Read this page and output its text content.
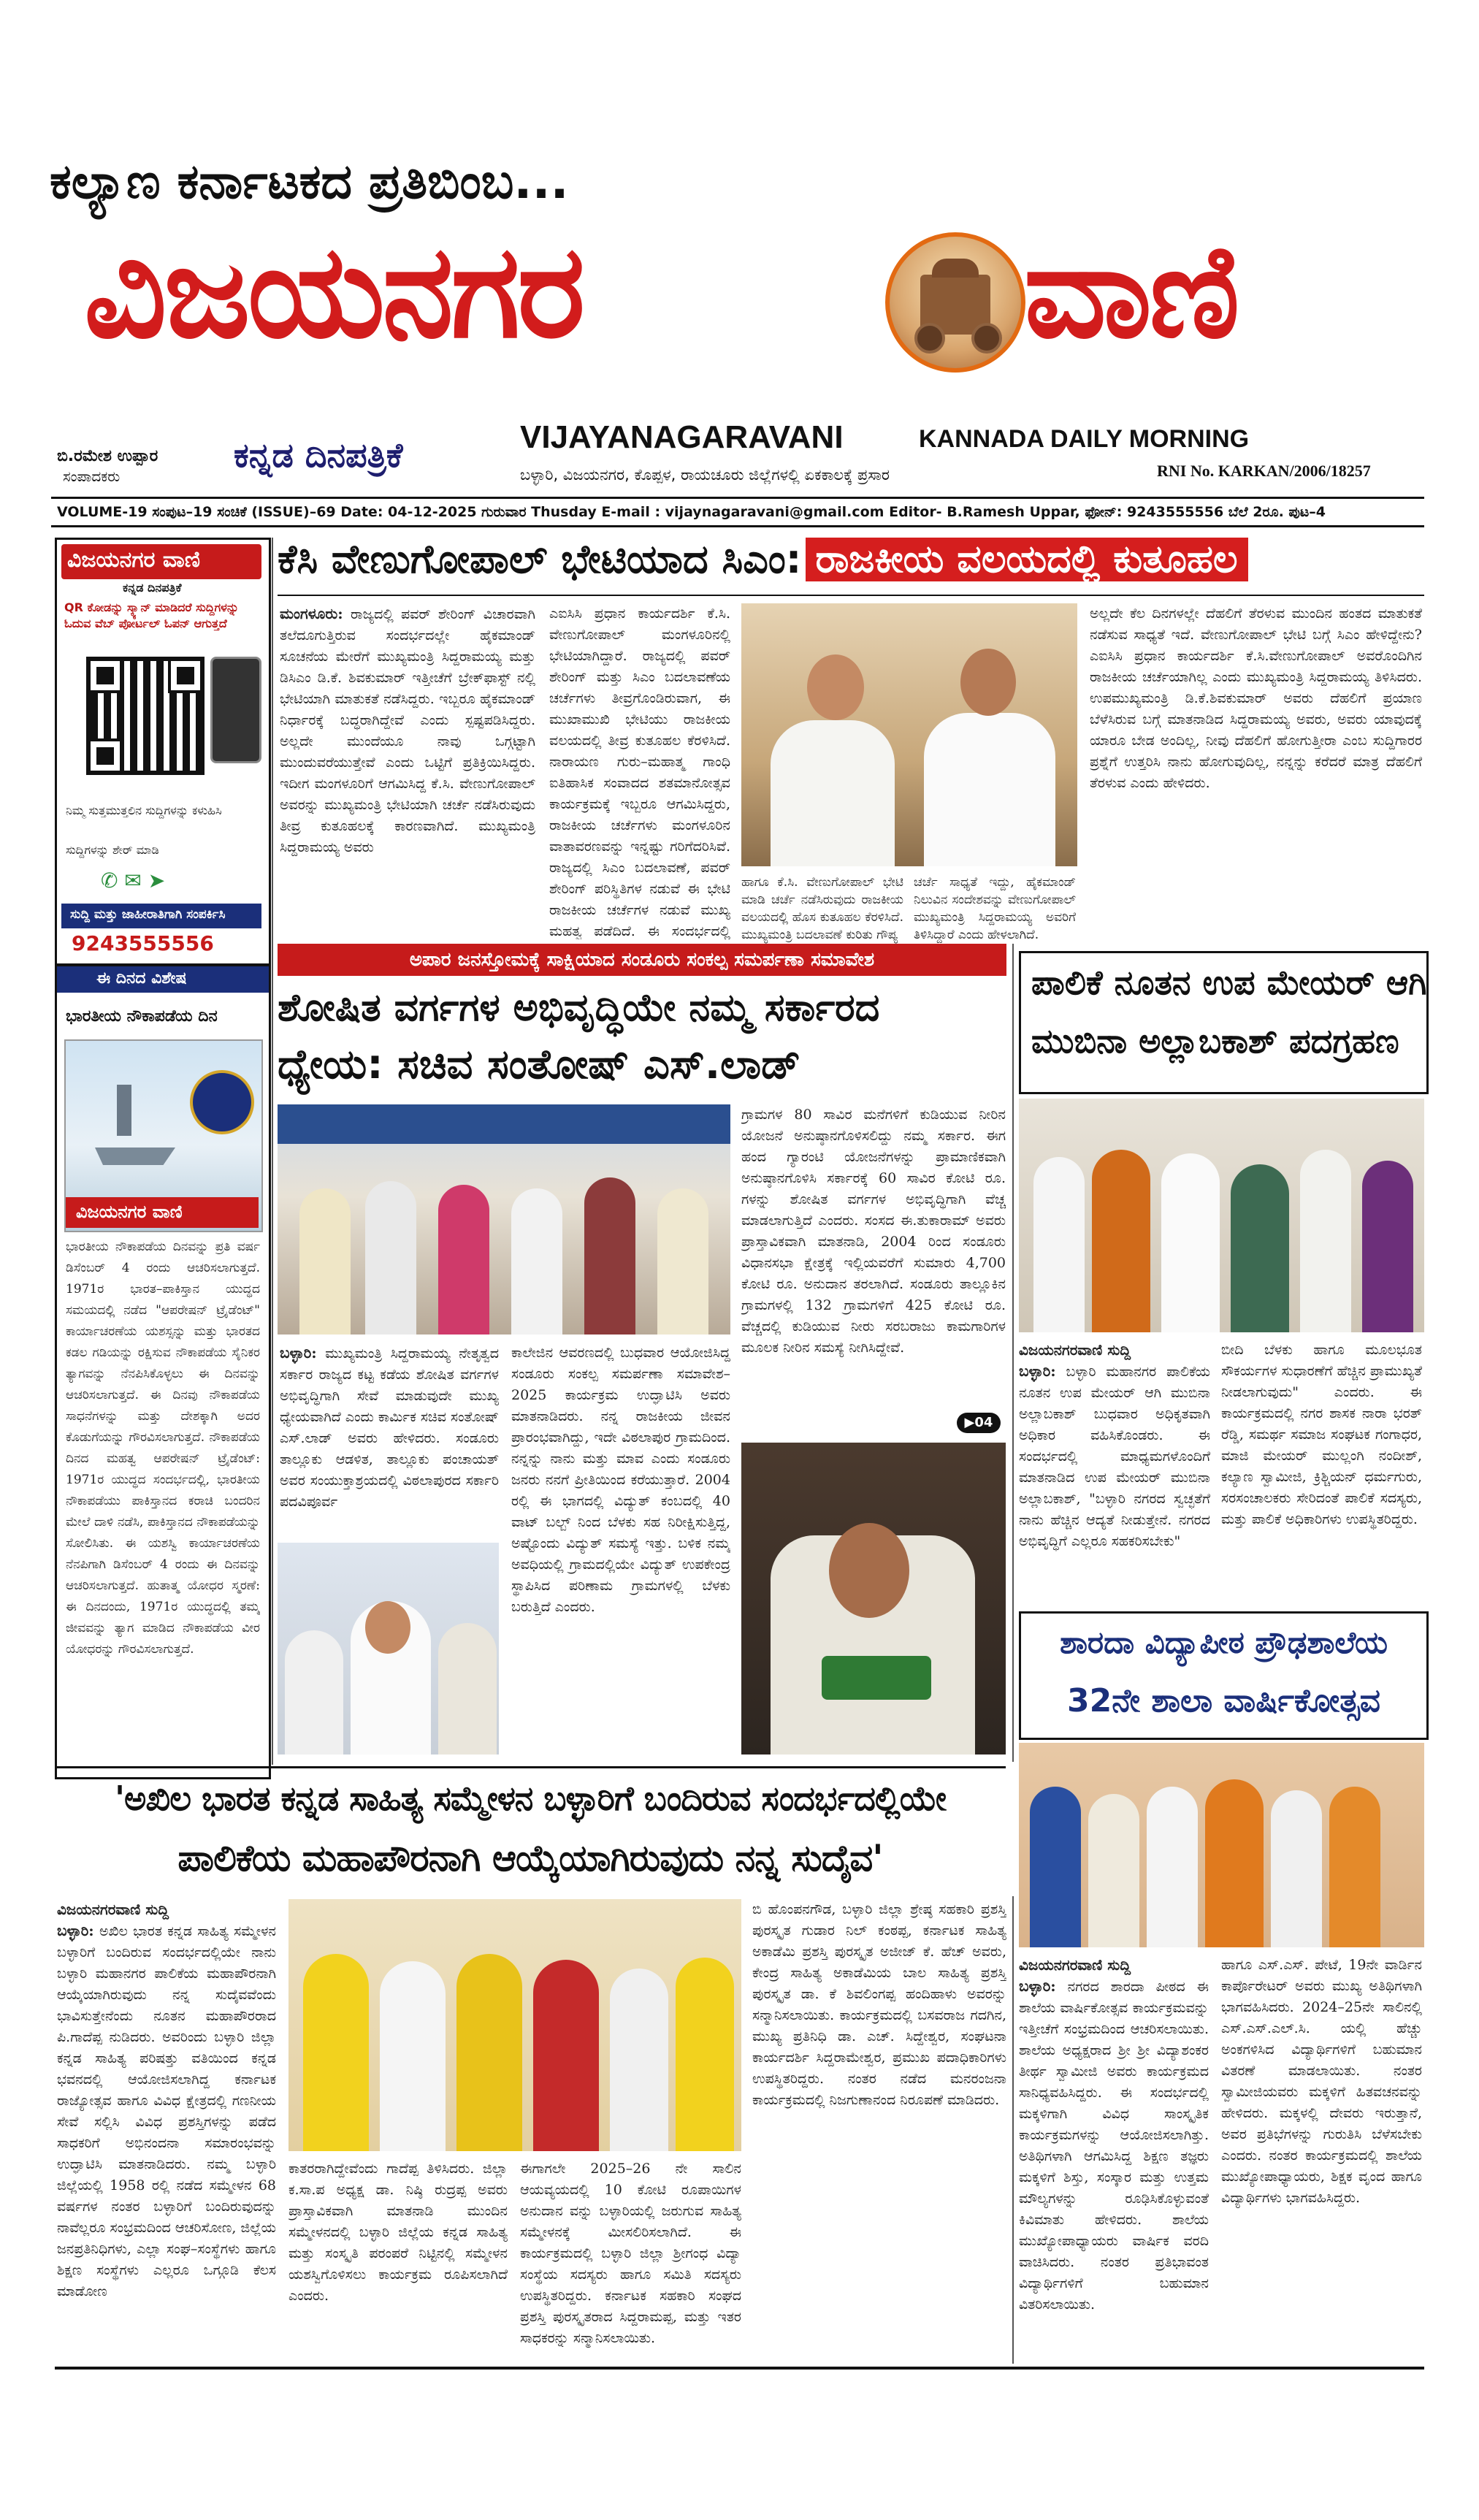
ಕಲ್ಯಾಣ ಕರ್ನಾಟಕದ ಪ್ರತಿಬಿಂಬ...
ವಿಜಯನಗರ	ವಾಣಿ
ಬಿ.ರಮೇಶ ಉಪ್ಪಾರ
ಸಂಪಾದಕರು
ಕನ್ನಡ ದಿನಪತ್ರಿಕೆ	VIJAYANAGARAVANI	KANNADA DAILY MORNING
ಬಳ್ಳಾರಿ, ವಿಜಯನಗರ, ಕೊಪ್ಪಳ, ರಾಯಚೂರು ಜಿಲ್ಲೆಗಳಲ್ಲಿ ಏಕಕಾಲಕ್ಕೆ ಪ್ರಸಾರ	RNI No. KARKAN/2006/18257
VOLUME-19 ಸಂಪುಟ–19 ಸಂಚಿಕೆ (ISSUE)–69 Date: 04-12-2025 ಗುರುವಾರ Thusday E-mail : vijaynagaravani@gmail.com Editor- B.Ramesh Uppar, ಫೋನ್: 9243555556 ಬೆಲೆ 2ರೂ. ಪುಟ–4
ವಿಜಯನಗರ ವಾಣಿ
ಕನ್ನಡ ದಿನಪತ್ರಿಕೆ
QR ಕೋಡನ್ನು ಸ್ಕ್ಯಾನ್ ಮಾಡಿದರೆ ಸುದ್ದಿಗಳನ್ನು ಓದುವ ವೆಬ್ ಪೋರ್ಟಲ್ ಓಪನ್ ಆಗುತ್ತದೆ
ನಿಮ್ಮ ಸುತ್ತಮುತ್ತಲಿನ ಸುದ್ದಿಗಳನ್ನು ಕಳುಹಿಸಿ
ಸುದ್ದಿಗಳನ್ನು ಶೇರ್ ಮಾಡಿ
✆ ✉ ➤
ಸುದ್ದಿ ಮತ್ತು ಜಾಹೀರಾತಿಗಾಗಿ ಸಂಪರ್ಕಿಸಿ
9243555556
ಈ ದಿನದ ವಿಶೇಷ
ಭಾರತೀಯ ನೌಕಾಪಡೆಯ ದಿನ
ವಿಜಯನಗರ ವಾಣಿ
ಭಾರತೀಯ ನೌಕಾಪಡೆಯ ದಿನವನ್ನು ಪ್ರತಿ ವರ್ಷ ಡಿಸೆಂಬರ್ 4 ರಂದು ಆಚರಿಸಲಾಗುತ್ತದೆ. 1971ರ ಭಾರತ–ಪಾಕಿಸ್ತಾನ ಯುದ್ಧದ ಸಮಯದಲ್ಲಿ ನಡೆದ "ಆಪರೇಷನ್ ಟ್ರೈಡೆಂಟ್" ಕಾರ್ಯಾಚರಣೆಯ ಯಶಸ್ಸನ್ನು ಮತ್ತು ಭಾರತದ ಕಡಲ ಗಡಿಯನ್ನು ರಕ್ಷಿಸುವ ನೌಕಾಪಡೆಯ ಸೈನಿಕರ ತ್ಯಾಗವನ್ನು ನೆನಪಿಸಿಕೊಳ್ಳಲು ಈ ದಿನವನ್ನು ಆಚರಿಸಲಾಗುತ್ತದೆ. ಈ ದಿನವು ನೌಕಾಪಡೆಯ ಸಾಧನೆಗಳನ್ನು ಮತ್ತು ದೇಶಕ್ಕಾಗಿ ಅದರ ಕೊಡುಗೆಯನ್ನು ಗೌರವಿಸಲಾಗುತ್ತದೆ. ನೌಕಾಪಡೆಯ ದಿನದ ಮಹತ್ವ ಆಪರೇಷನ್ ಟ್ರೈಡೆಂಟ್: 1971ರ ಯುದ್ಧದ ಸಂದರ್ಭದಲ್ಲಿ, ಭಾರತೀಯ ನೌಕಾಪಡೆಯು ಪಾಕಿಸ್ತಾನದ ಕರಾಚಿ ಬಂದರಿನ ಮೇಲೆ ದಾಳಿ ನಡೆಸಿ, ಪಾಕಿಸ್ತಾನದ ನೌಕಾಪಡೆಯನ್ನು ಸೋಲಿಸಿತು. ಈ ಯಶಸ್ವಿ ಕಾರ್ಯಾಚರಣೆಯ ನೆನಪಿಗಾಗಿ ಡಿಸೆಂಬರ್ 4 ರಂದು ಈ ದಿನವನ್ನು ಆಚರಿಸಲಾಗುತ್ತದೆ. ಹುತಾತ್ಮ ಯೋಧರ ಸ್ಮರಣೆ: ಈ ದಿನದಂದು, 1971ರ ಯುದ್ಧದಲ್ಲಿ ತಮ್ಮ ಜೀವವನ್ನು ತ್ಯಾಗ ಮಾಡಿದ ನೌಕಾಪಡೆಯ ವೀರ ಯೋಧರನ್ನು ಗೌರವಿಸಲಾಗುತ್ತದೆ.
ಕೆಸಿ ವೇಣುಗೋಪಾಲ್ ಭೇಟಿಯಾದ ಸಿಎಂ: ರಾಜಕೀಯ ವಲಯದಲ್ಲಿ ಕುತೂಹಲ
ಮಂಗಳೂರು: ರಾಜ್ಯದಲ್ಲಿ ಪವರ್ ಶೇರಿಂಗ್ ವಿಚಾರವಾಗಿ ತಲೆದೂಗುತ್ತಿರುವ ಸಂದರ್ಭದಲ್ಲೇ ಹೈಕಮಾಂಡ್ ಸೂಚನೆಯ ಮೇರೆಗೆ ಮುಖ್ಯಮಂತ್ರಿ ಸಿದ್ದರಾಮಯ್ಯ ಮತ್ತು ಡಿಸಿಎಂ ಡಿ.ಕೆ. ಶಿವಕುಮಾರ್ ಇತ್ತೀಚೆಗೆ ಬ್ರೇಕ್‌ಫಾಸ್ಟ್ ನಲ್ಲಿ ಭೇಟಿಯಾಗಿ ಮಾತುಕತೆ ನಡೆಸಿದ್ದರು. ಇಬ್ಬರೂ ಹೈಕಮಾಂಡ್ ನಿರ್ಧಾರಕ್ಕೆ ಬದ್ಧರಾಗಿದ್ದೇವೆ ಎಂದು ಸ್ಪಷ್ಟಪಡಿಸಿದ್ದರು. ಅಲ್ಲದೇ ಮುಂದೆಯೂ ನಾವು ಒಗ್ಗಟ್ಟಾಗಿ ಮುಂದುವರೆಯುತ್ತೇವೆ ಎಂದು ಒಟ್ಟಿಗೆ ಪ್ರತಿಕ್ರಿಯಿಸಿದ್ದರು. ಇದೀಗ ಮಂಗಳೂರಿಗೆ ಆಗಮಿಸಿದ್ದ ಕೆ.ಸಿ. ವೇಣುಗೋಪಾಲ್ ಅವರನ್ನು ಮುಖ್ಯಮಂತ್ರಿ ಭೇಟಿಯಾಗಿ ಚರ್ಚೆ ನಡೆಸಿರುವುದು ತೀವ್ರ ಕುತೂಹಲಕ್ಕೆ ಕಾರಣವಾಗಿದೆ. ಮುಖ್ಯಮಂತ್ರಿ ಸಿದ್ದರಾಮಯ್ಯ ಅವರು
ಎಐಸಿಸಿ ಪ್ರಧಾನ ಕಾರ್ಯದರ್ಶಿ ಕೆ.ಸಿ. ವೇಣುಗೋಪಾಲ್ ಮಂಗಳೂರಿನಲ್ಲಿ ಭೇಟಿಯಾಗಿದ್ದಾರೆ. ರಾಜ್ಯದಲ್ಲಿ ಪವರ್ ಶೇರಿಂಗ್ ಮತ್ತು ಸಿಎಂ ಬದಲಾವಣೆಯ ಚರ್ಚೆಗಳು ತೀವ್ರಗೊಂಡಿರುವಾಗ, ಈ ಮುಖಾಮುಖಿ ಭೇಟಿಯು ರಾಜಕೀಯ ವಲಯದಲ್ಲಿ ತೀವ್ರ ಕುತೂಹಲ ಕೆರಳಿಸಿದೆ. ನಾರಾಯಣ ಗುರು–ಮಹಾತ್ಮ ಗಾಂಧಿ ಐತಿಹಾಸಿಕ ಸಂವಾದದ ಶತಮಾನೋತ್ಸವ ಕಾರ್ಯಕ್ರಮಕ್ಕೆ ಇಬ್ಬರೂ ಆಗಮಿಸಿದ್ದರು, ರಾಜಕೀಯ ಚರ್ಚೆಗಳು ಮಂಗಳೂರಿನ ವಾತಾವರಣವನ್ನು ಇನ್ನಷ್ಟು ಗರಿಗೆದರಿಸಿವೆ. ರಾಜ್ಯದಲ್ಲಿ ಸಿಎಂ ಬದಲಾವಣೆ, ಪವರ್ ಶೇರಿಂಗ್ ಪರಿಸ್ಥಿತಿಗಳ ನಡುವೆ ಈ ಭೇಟಿ ರಾಜಕೀಯ ಚರ್ಚೆಗಳ ನಡುವೆ ಮುಖ್ಯ ಮಹತ್ವ ಪಡೆದಿದೆ. ಈ ಸಂದರ್ಭದಲ್ಲಿ
ಹಾಗೂ ಕೆ.ಸಿ. ವೇಣುಗೋಪಾಲ್ ಭೇಟಿ ಮಾಡಿ ಚರ್ಚೆ ನಡೆಸಿರುವುದು ರಾಜಕೀಯ ವಲಯದಲ್ಲಿ ಹೊಸ ಕುತೂಹಲ ಕೆರಳಿಸಿದೆ. ಮುಖ್ಯಮಂತ್ರಿ ಬದಲಾವಣೆ ಕುರಿತು ಗೌಪ್ಯ
ಚರ್ಚೆ ಸಾಧ್ಯತೆ ಇದ್ದು, ಹೈಕಮಾಂಡ್ ನಿಲುವಿನ ಸಂದೇಶವನ್ನು ವೇಣುಗೋಪಾಲ್ ಮುಖ್ಯಮಂತ್ರಿ ಸಿದ್ದರಾಮಯ್ಯ ಅವರಿಗೆ ತಿಳಿಸಿದ್ದಾರೆ ಎಂದು ಹೇಳಲಾಗಿದೆ.
ಅಲ್ಲದೇ ಕೆಲ ದಿನಗಳಲ್ಲೇ ದೆಹಲಿಗೆ ತೆರಳುವ ಮುಂದಿನ ಹಂತದ ಮಾತುಕತೆ ನಡೆಸುವ ಸಾಧ್ಯತೆ ಇದೆ. ವೇಣುಗೋಪಾಲ್ ಭೇಟಿ ಬಗ್ಗೆ ಸಿಎಂ ಹೇಳಿದ್ದೇನು? ಎಐಸಿಸಿ ಪ್ರಧಾನ ಕಾರ್ಯದರ್ಶಿ ಕೆ.ಸಿ.ವೇಣುಗೋಪಾಲ್ ಅವರೊಂದಿಗಿನ ರಾಜಕೀಯ ಚರ್ಚೆಯಾಗಿಲ್ಲ ಎಂದು ಮುಖ್ಯಮಂತ್ರಿ ಸಿದ್ದರಾಮಯ್ಯ ತಿಳಿಸಿದರು. ಉಪಮುಖ್ಯಮಂತ್ರಿ ಡಿ.ಕೆ.ಶಿವಕುಮಾರ್ ಅವರು ದೆಹಲಿಗೆ ಪ್ರಯಾಣ ಬೆಳೆಸಿರುವ ಬಗ್ಗೆ ಮಾತನಾಡಿದ ಸಿದ್ದರಾಮಯ್ಯ ಅವರು, ಅವರು ಯಾವುದಕ್ಕೆ ಯಾರೂ ಬೇಡ ಅಂದಿಲ್ಲ, ನೀವು ದೆಹಲಿಗೆ ಹೋಗುತ್ತೀರಾ ಎಂಬ ಸುದ್ದಿಗಾರರ ಪ್ರಶ್ನೆಗೆ ಉತ್ತರಿಸಿ ನಾನು ಹೋಗುವುದಿಲ್ಲ, ನನ್ನನ್ನು ಕರೆದರೆ ಮಾತ್ರ ದೆಹಲಿಗೆ ತೆರಳುವ ಎಂದು ಹೇಳಿದರು.
ಅಪಾರ ಜನಸ್ತೋಮಕ್ಕೆ ಸಾಕ್ಷಿಯಾದ ಸಂಡೂರು ಸಂಕಲ್ಪ ಸಮರ್ಪಣಾ ಸಮಾವೇಶ
ಶೋಷಿತ ವರ್ಗಗಳ ಅಭಿವೃದ್ಧಿಯೇ ನಮ್ಮ ಸರ್ಕಾರದ
ಧ್ಯೇಯ: ಸಚಿವ ಸಂತೋಷ್ ಎಸ್.ಲಾಡ್
ಬಳ್ಳಾರಿ: ಮುಖ್ಯಮಂತ್ರಿ ಸಿದ್ದರಾಮಯ್ಯ ನೇತೃತ್ವದ ಸರ್ಕಾರ ರಾಜ್ಯದ ಕಟ್ಟ ಕಡೆಯ ಶೋಷಿತ ವರ್ಗಗಳ ಅಭಿವೃದ್ಧಿಗಾಗಿ ಸೇವೆ ಮಾಡುವುದೇ ಮುಖ್ಯ ಧ್ಯೇಯವಾಗಿದೆ ಎಂದು ಕಾರ್ಮಿಕ ಸಚಿವ ಸಂತೋಷ್ ಎಸ್.ಲಾಡ್ ಅವರು ಹೇಳಿದರು. ಸಂಡೂರು ತಾಲ್ಲೂಕು ಆಡಳಿತ, ತಾಲ್ಲೂಕು ಪಂಚಾಯತ್ ಅವರ ಸಂಯುಕ್ತಾಶ್ರಯದಲ್ಲಿ ವಿಠಲಾಪುರದ ಸರ್ಕಾರಿ ಪದವಿಪೂರ್ವ
ಕಾಲೇಜಿನ ಆವರಣದಲ್ಲಿ ಬುಧವಾರ ಆಯೋಜಿಸಿದ್ದ ಸಂಡೂರು ಸಂಕಲ್ಪ ಸಮರ್ಪಣಾ ಸಮಾವೇಶ–2025 ಕಾರ್ಯಕ್ರಮ ಉದ್ಘಾಟಿಸಿ ಅವರು ಮಾತನಾಡಿದರು. ನನ್ನ ರಾಜಕೀಯ ಜೀವನ ಪ್ರಾರಂಭವಾಗಿದ್ದು, ಇದೇ ವಿಠಲಾಪುರ ಗ್ರಾಮದಿಂದ. ನನ್ನನ್ನು ನಾನು ಮತ್ತು ಮಾವ ಎಂದು ಸಂಡೂರು ಜನರು ನನಗೆ ಪ್ರೀತಿಯಿಂದ ಕರೆಯುತ್ತಾರೆ. 2004 ರಲ್ಲಿ ಈ ಭಾಗದಲ್ಲಿ ವಿದ್ಯುತ್ ಕಂಬದಲ್ಲಿ 40 ವಾಟ್ ಬಲ್ಬ್ ನಿಂದ ಬೆಳಕು ಸಹ ನಿರೀಕ್ಷಿಸುತ್ತಿದ್ದ, ಅಷ್ಟೊಂದು ವಿದ್ಯುತ್ ಸಮಸ್ಯೆ ಇತ್ತು. ಬಳಿಕ ನಮ್ಮ ಅವಧಿಯಲ್ಲಿ ಗ್ರಾಮದಲ್ಲಿಯೇ ವಿದ್ಯುತ್ ಉಪಕೇಂದ್ರ ಸ್ಥಾಪಿಸಿದ ಪರಿಣಾಮ ಗ್ರಾಮಗಳಲ್ಲಿ ಬೆಳಕು ಬರುತ್ತಿದೆ ಎಂದರು.
ಗ್ರಾಮಗಳ 80 ಸಾವಿರ ಮನೆಗಳಿಗೆ ಕುಡಿಯುವ ನೀರಿನ ಯೋಜನೆ ಅನುಷ್ಠಾನಗೊಳಿಸಲಿದ್ದು ನಮ್ಮ ಸರ್ಕಾರ. ಈಗ ಹಂದ ಗ್ಯಾರಂಟಿ ಯೋಜನೆಗಳನ್ನು ಪ್ರಾಮಾಣಿಕವಾಗಿ ಅನುಷ್ಠಾನಗೊಳಿಸಿ ಸರ್ಕಾರಕ್ಕೆ 60 ಸಾವಿರ ಕೋಟಿ ರೂ. ಗಳನ್ನು ಶೋಷಿತ ವರ್ಗಗಳ ಅಭಿವೃದ್ಧಿಗಾಗಿ ವೆಚ್ಚ ಮಾಡಲಾಗುತ್ತಿದೆ ಎಂದರು. ಸಂಸದ ಈ.ತುಕಾರಾಮ್ ಅವರು ಪ್ರಾಸ್ತಾವಿಕವಾಗಿ ಮಾತನಾಡಿ, 2004 ರಿಂದ ಸಂಡೂರು ವಿಧಾನಸಭಾ ಕ್ಷೇತ್ರಕ್ಕೆ ಇಲ್ಲಿಯವರೆಗೆ ಸುಮಾರು 4,700 ಕೋಟಿ ರೂ. ಅನುದಾನ ತರಲಾಗಿದೆ. ಸಂಡೂರು ತಾಲ್ಲೂಕಿನ ಗ್ರಾಮಗಳಲ್ಲಿ 132 ಗ್ರಾಮಗಳಿಗೆ 425 ಕೋಟಿ ರೂ. ವೆಚ್ಚದಲ್ಲಿ ಕುಡಿಯುವ ನೀರು ಸರಬರಾಜು ಕಾಮಗಾರಿಗಳ ಮೂಲಕ ನೀರಿನ ಸಮಸ್ಯೆ ನೀಗಿಸಿದ್ದೇವೆ.
▶04
ಪಾಲಿಕೆ ನೂತನ ಉಪ ಮೇಯರ್ ಆಗಿ
ಮುಬಿನಾ ಅಲ್ಲಾಬಕಾಶ್ ಪದಗ್ರಹಣ
ವಿಜಯನಗರವಾಣಿ ಸುದ್ದಿ
ಬಳ್ಳಾರಿ: ಬಳ್ಳಾರಿ ಮಹಾನಗರ ಪಾಲಿಕೆಯ ನೂತನ ಉಪ ಮೇಯರ್ ಆಗಿ ಮುಬಿನಾ ಅಲ್ಲಾಬಕಾಶ್ ಬುಧವಾರ ಅಧಿಕೃತವಾಗಿ ಅಧಿಕಾರ ವಹಿಸಿಕೊಂಡರು. ಈ ಸಂದರ್ಭದಲ್ಲಿ ಮಾಧ್ಯಮಗಳೊಂದಿಗೆ ಮಾತನಾಡಿದ ಉಪ ಮೇಯರ್ ಮುಬಿನಾ ಅಲ್ಲಾಬಕಾಶ್, "ಬಳ್ಳಾರಿ ನಗರದ ಸ್ವಚ್ಛತೆಗೆ ನಾನು ಹೆಚ್ಚಿನ ಆದ್ಯತೆ ನೀಡುತ್ತೇನೆ. ನಗರದ ಅಭಿವೃದ್ಧಿಗೆ ಎಲ್ಲರೂ ಸಹಕರಿಸಬೇಕು"
ಬೀದಿ ಬೆಳಕು ಹಾಗೂ ಮೂಲಭೂತ ಸೌಕರ್ಯಗಳ ಸುಧಾರಣೆಗೆ ಹೆಚ್ಚಿನ ಪ್ರಾಮುಖ್ಯತೆ ನೀಡಲಾಗುವುದು" ಎಂದರು. ಈ ಕಾರ್ಯಕ್ರಮದಲ್ಲಿ ನಗರ ಶಾಸಕ ನಾರಾ ಭರತ್ ರೆಡ್ಡಿ, ಸಮರ್ಥ ಸಮಾಜ ಸಂಘಟಕ ಗಂಗಾಧರ, ಮಾಜಿ ಮೇಯರ್ ಮುಲ್ಲಂಗಿ ನಂದೀಶ್, ಕಲ್ಯಾಣ ಸ್ವಾಮೀಜಿ, ಕ್ರಿಶ್ಚಿಯನ್ ಧರ್ಮಗುರು, ಸರಸಂಚಾಲಕರು ಸೇರಿದಂತೆ ಪಾಲಿಕೆ ಸದಸ್ಯರು, ಮತ್ತು ಪಾಲಿಕೆ ಅಧಿಕಾರಿಗಳು ಉಪಸ್ಥಿತರಿದ್ದರು.
ಶಾರದಾ ವಿದ್ಯಾಪೀಠ ಪ್ರೌಢಶಾಲೆಯ
32ನೇ ಶಾಲಾ ವಾರ್ಷಿಕೋತ್ಸವ
ವಿಜಯನಗರವಾಣಿ ಸುದ್ದಿ
ಬಳ್ಳಾರಿ: ನಗರದ ಶಾರದಾ ಪೀಠದ ಈ ಶಾಲೆಯ ವಾರ್ಷಿಕೋತ್ಸವ ಕಾರ್ಯಕ್ರಮವನ್ನು ಇತ್ತೀಚೆಗೆ ಸಂಭ್ರಮದಿಂದ ಆಚರಿಸಲಾಯಿತು. ಶಾಲೆಯ ಅಧ್ಯಕ್ಷರಾದ ಶ್ರೀ ಶ್ರೀ ವಿದ್ಯಾಶಂಕರ ತೀರ್ಥ ಸ್ವಾಮೀಜಿ ಅವರು ಕಾರ್ಯಕ್ರಮದ ಸಾನಿಧ್ಯವಹಿಸಿದ್ದರು. ಈ ಸಂದರ್ಭದಲ್ಲಿ ಮಕ್ಕಳಿಗಾಗಿ ವಿವಿಧ ಸಾಂಸ್ಕೃತಿಕ ಕಾರ್ಯಕ್ರಮಗಳನ್ನು ಆಯೋಜಿಸಲಾಗಿತ್ತು. ಅತಿಥಿಗಳಾಗಿ ಆಗಮಿಸಿದ್ದ ಶಿಕ್ಷಣ ತಜ್ಞರು ಮಕ್ಕಳಿಗೆ ಶಿಸ್ತು, ಸಂಸ್ಕಾರ ಮತ್ತು ಉತ್ತಮ ಮೌಲ್ಯಗಳನ್ನು ರೂಢಿಸಿಕೊಳ್ಳುವಂತೆ ಕಿವಿಮಾತು ಹೇಳಿದರು. ಶಾಲೆಯ ಮುಖ್ಯೋಪಾಧ್ಯಾಯರು ವಾರ್ಷಿಕ ವರದಿ ವಾಚಿಸಿದರು. ನಂತರ ಪ್ರತಿಭಾವಂತ ವಿದ್ಯಾರ್ಥಿಗಳಿಗೆ ಬಹುಮಾನ ವಿತರಿಸಲಾಯಿತು.
ಹಾಗೂ ಎಸ್.ಎಸ್. ಪೇಟೆ, 19ನೇ ವಾರ್ಡಿನ ಕಾರ್ಪೊರೇಟರ್ ಅವರು ಮುಖ್ಯ ಅತಿಥಿಗಳಾಗಿ ಭಾಗವಹಿಸಿದರು. 2024–25ನೇ ಸಾಲಿನಲ್ಲಿ ಎಸ್.ಎಸ್.ಎಲ್.ಸಿ. ಯಲ್ಲಿ ಹೆಚ್ಚು ಅಂಕಗಳಿಸಿದ ವಿದ್ಯಾರ್ಥಿಗಳಿಗೆ ಬಹುಮಾನ ವಿತರಣೆ ಮಾಡಲಾಯಿತು. ನಂತರ ಸ್ವಾಮೀಜಿಯವರು ಮಕ್ಕಳಿಗೆ ಹಿತವಚನವನ್ನು ಹೇಳಿದರು. ಮಕ್ಕಳಲ್ಲಿ ದೇವರು ಇರುತ್ತಾನೆ, ಅವರ ಪ್ರತಿಭೆಗಳನ್ನು ಗುರುತಿಸಿ ಬೆಳೆಸಬೇಕು ಎಂದರು. ನಂತರ ಕಾರ್ಯಕ್ರಮದಲ್ಲಿ ಶಾಲೆಯ ಮುಖ್ಯೋಪಾಧ್ಯಾಯರು, ಶಿಕ್ಷಕ ವೃಂದ ಹಾಗೂ ವಿದ್ಯಾರ್ಥಿಗಳು ಭಾಗವಹಿಸಿದ್ದರು.
'ಅಖಿಲ ಭಾರತ ಕನ್ನಡ ಸಾಹಿತ್ಯ ಸಮ್ಮೇಳನ ಬಳ್ಳಾರಿಗೆ ಬಂದಿರುವ ಸಂದರ್ಭದಲ್ಲಿಯೇ
ಪಾಲಿಕೆಯ ಮಹಾಪೌರನಾಗಿ ಆಯ್ಕೆಯಾಗಿರುವುದು ನನ್ನ ಸುದೈವ'
ವಿಜಯನಗರವಾಣಿ ಸುದ್ದಿ
ಬಳ್ಳಾರಿ: ಅಖಿಲ ಭಾರತ ಕನ್ನಡ ಸಾಹಿತ್ಯ ಸಮ್ಮೇಳನ ಬಳ್ಳಾರಿಗೆ ಬಂದಿರುವ ಸಂದರ್ಭದಲ್ಲಿಯೇ ನಾನು ಬಳ್ಳಾರಿ ಮಹಾನಗರ ಪಾಲಿಕೆಯ ಮಹಾಪೌರನಾಗಿ ಆಯ್ಕೆಯಾಗಿರುವುದು ನನ್ನ ಸುದೈವವೆಂದು ಭಾವಿಸುತ್ತೇನೆಂದು ನೂತನ ಮಹಾಪೌರರಾದ ಪಿ.ಗಾದೆಪ್ಪ ನುಡಿದರು. ಅವರಿಂದು ಬಳ್ಳಾರಿ ಜಿಲ್ಲಾ ಕನ್ನಡ ಸಾಹಿತ್ಯ ಪರಿಷತ್ತು ವತಿಯಿಂದ ಕನ್ನಡ ಭವನದಲ್ಲಿ ಆಯೋಜಿಸಲಾಗಿದ್ದ ಕರ್ನಾಟಕ ರಾಜ್ಯೋತ್ಸವ ಹಾಗೂ ವಿವಿಧ ಕ್ಷೇತ್ರದಲ್ಲಿ ಗಣನೀಯ ಸೇವೆ ಸಲ್ಲಿಸಿ ವಿವಿಧ ಪ್ರಶಸ್ತಿಗಳನ್ನು ಪಡೆದ ಸಾಧಕರಿಗೆ ಅಭಿನಂದನಾ ಸಮಾರಂಭವನ್ನು ಉದ್ಘಾಟಿಸಿ ಮಾತನಾಡಿದರು. ನಮ್ಮ ಬಳ್ಳಾರಿ ಜಿಲ್ಲೆಯಲ್ಲಿ 1958 ರಲ್ಲಿ ನಡೆದ ಸಮ್ಮೇಳನ 68 ವರ್ಷಗಳ ನಂತರ ಬಳ್ಳಾರಿಗೆ ಬಂದಿರುವುದನ್ನು ನಾವೆಲ್ಲರೂ ಸಂಭ್ರಮದಿಂದ ಆಚರಿಸೋಣ, ಜಿಲ್ಲೆಯ ಜನಪ್ರತಿನಿಧಿಗಳು, ಎಲ್ಲಾ ಸಂಘ–ಸಂಸ್ಥೆಗಳು ಹಾಗೂ ಶಿಕ್ಷಣ ಸಂಸ್ಥೆಗಳು ಎಲ್ಲರೂ ಒಗ್ಗೂಡಿ ಕೆಲಸ ಮಾಡೋಣ
ಕಾತರರಾಗಿದ್ದೇವೆಂದು ಗಾದೆಪ್ಪ ತಿಳಿಸಿದರು. ಜಿಲ್ಲಾ ಕ.ಸಾ.ಪ ಅಧ್ಯಕ್ಷ ಡಾ. ನಿಷ್ಠಿ ರುದ್ರಪ್ಪ ಅವರು ಪ್ರಾಸ್ತಾವಿಕವಾಗಿ ಮಾತನಾಡಿ ಮುಂದಿನ ಸಮ್ಮೇಳನದಲ್ಲಿ ಬಳ್ಳಾರಿ ಜಿಲ್ಲೆಯ ಕನ್ನಡ ಸಾಹಿತ್ಯ ಮತ್ತು ಸಂಸ್ಕೃತಿ ಪರಂಪರೆ ನಿಟ್ಟಿನಲ್ಲಿ ಸಮ್ಮೇಳನ ಯಶಸ್ವಿಗೊಳಿಸಲು ಕಾರ್ಯಕ್ರಮ ರೂಪಿಸಲಾಗಿದೆ ಎಂದರು.
ಈಗಾಗಲೇ 2025–26 ನೇ ಸಾಲಿನ ಆಯವ್ಯಯದಲ್ಲಿ 10 ಕೋಟಿ ರೂಪಾಯಿಗಳ ಅನುದಾನ ವನ್ನು ಬಳ್ಳಾರಿಯಲ್ಲಿ ಜರುಗುವ ಸಾಹಿತ್ಯ ಸಮ್ಮೇಳನಕ್ಕೆ ಮೀಸಲಿರಿಸಲಾಗಿದೆ. ಈ ಕಾರ್ಯಕ್ರಮದಲ್ಲಿ ಬಳ್ಳಾರಿ ಜಿಲ್ಲಾ ಶ್ರೀಗಂಧ ವಿದ್ಯಾ ಸಂಸ್ಥೆಯ ಸದಸ್ಯರು ಹಾಗೂ ಸಮಿತಿ ಸದಸ್ಯರು ಉಪಸ್ಥಿತರಿದ್ದರು. ಕರ್ನಾಟಕ ಸಹಕಾರಿ ಸಂಘದ ಪ್ರಶಸ್ತಿ ಪುರಸ್ಕೃತರಾದ ಸಿದ್ದರಾಮಪ್ಪ, ಮತ್ತು ಇತರ ಸಾಧಕರನ್ನು ಸನ್ಮಾನಿಸಲಾಯಿತು.
ಬಿ ಹೊಂಪನಗೌಡ, ಬಳ್ಳಾರಿ ಜಿಲ್ಲಾ ಶ್ರೇಷ್ಠ ಸಹಕಾರಿ ಪ್ರಶಸ್ತಿ ಪುರಸ್ಕೃತ ಗುಡಾರ ನಿಲ್ ಕಂಠಪ್ಪ, ಕರ್ನಾಟಕ ಸಾಹಿತ್ಯ ಅಕಾಡೆಮಿ ಪ್ರಶಸ್ತಿ ಪುರಸ್ಕೃತ ಅಜೀಜ್ ಕೆ. ಹೆಚ್ ಅವರು, ಕೇಂದ್ರ ಸಾಹಿತ್ಯ ಅಕಾಡೆಮಿಯ ಬಾಲ ಸಾಹಿತ್ಯ ಪ್ರಶಸ್ತಿ ಪುರಸ್ಕೃತ ಡಾ. ಕೆ ಶಿವಲಿಂಗಪ್ಪ ಹಂದಿಹಾಳು ಅವರನ್ನು ಸನ್ಮಾನಿಸಲಾಯಿತು. ಕಾರ್ಯಕ್ರಮದಲ್ಲಿ ಬಸವರಾಜ ಗದಗಿನ, ಮುಖ್ಯ ಪ್ರತಿನಿಧಿ ಡಾ. ಎಚ್. ಸಿದ್ದೇಶ್ವರ, ಸಂಘಟನಾ ಕಾರ್ಯದರ್ಶಿ ಸಿದ್ದರಾಮೇಶ್ವರ, ಪ್ರಮುಖ ಪದಾಧಿಕಾರಿಗಳು ಉಪಸ್ಥಿತರಿದ್ದರು. ನಂತರ ನಡೆದ ಮನರಂಜನಾ ಕಾರ್ಯಕ್ರಮದಲ್ಲಿ ನಿಜಗುಣಾನಂದ ನಿರೂಪಣೆ ಮಾಡಿದರು.
